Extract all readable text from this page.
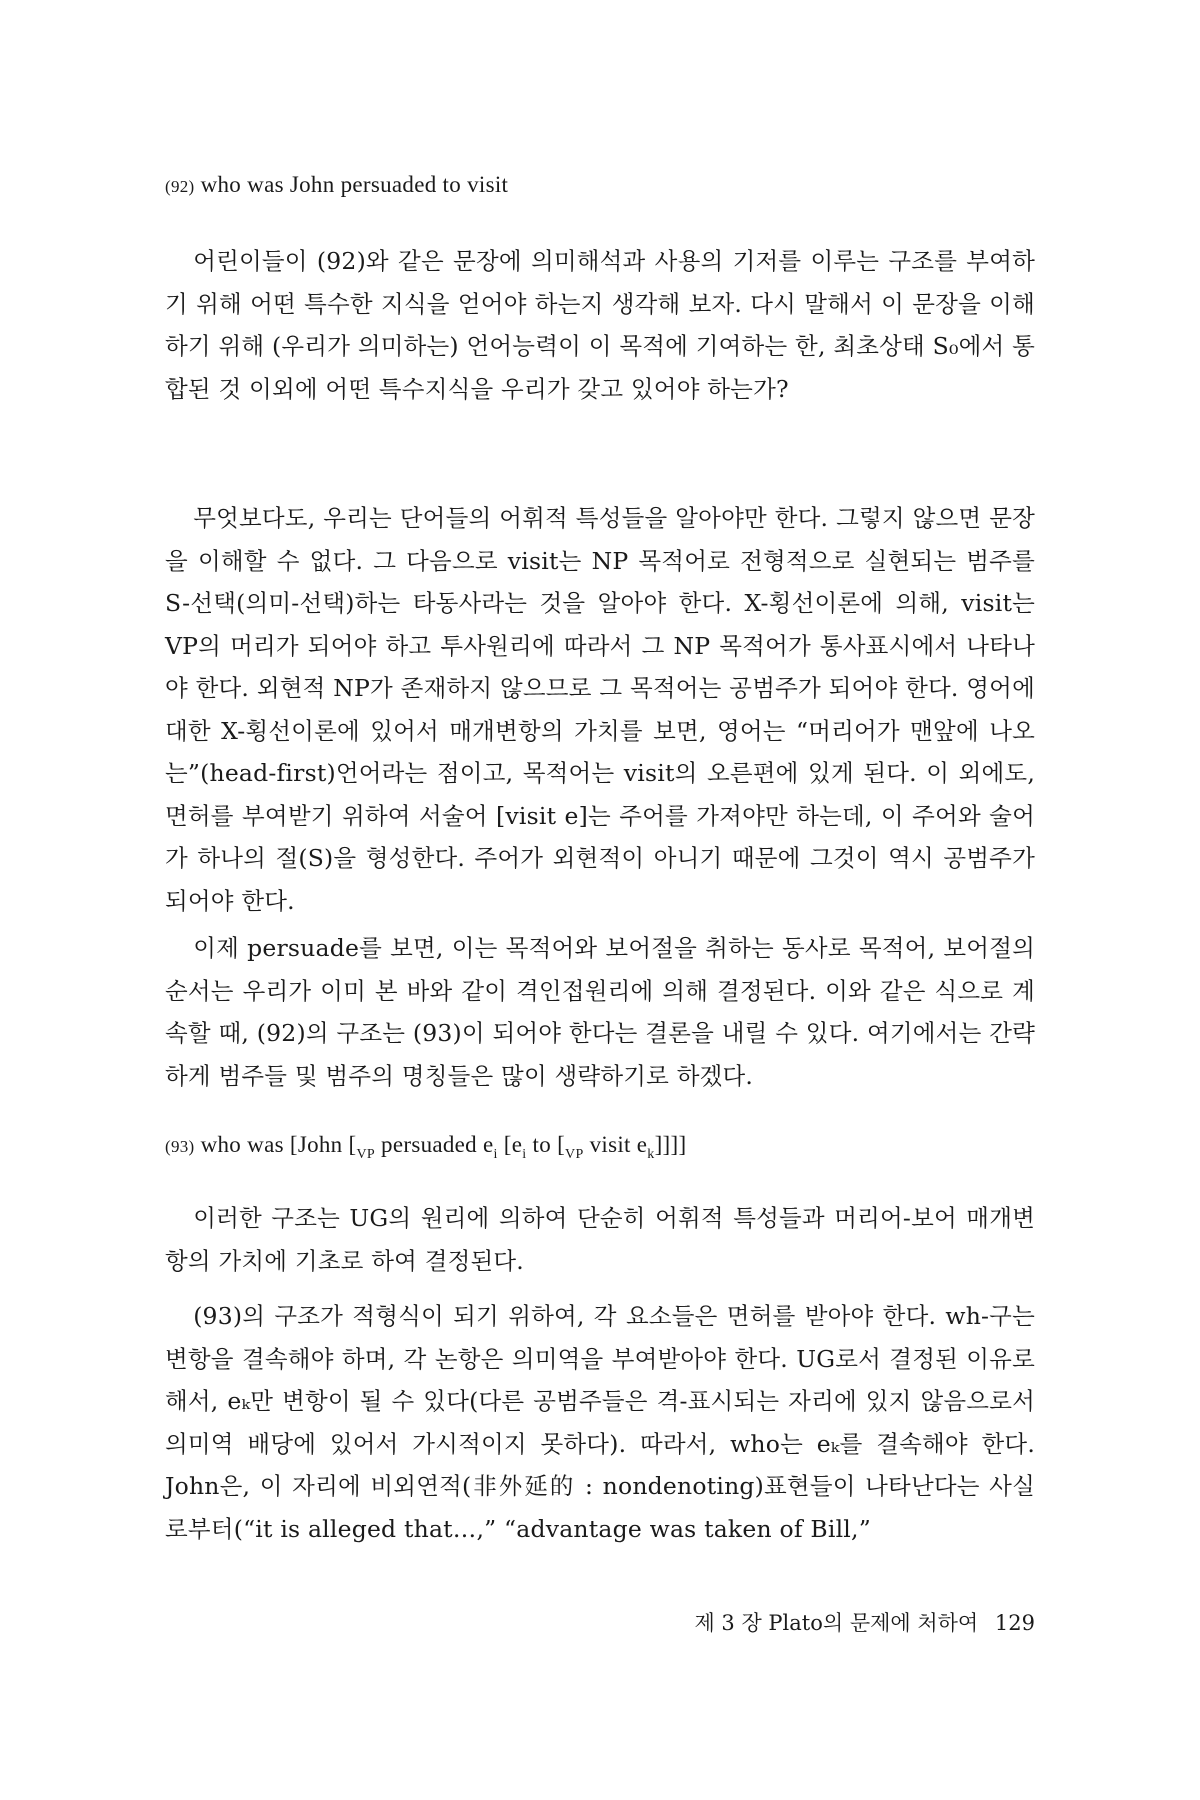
(92) who was John persuaded to visit

어린이들이 (92)와 같은 문장에 의미해석과 사용의 기저를 이루는 구조를 부여하기 위해 어떤 특수한 지식을 얻어야 하는지 생각해 보자. 다시 말해서 이 문장을 이해하기 위해 (우리가 의미하는) 언어능력이 이 목적에 기여하는 한, 최초상태 S₀에서 통합된 것 이외에 어떤 특수지식을 우리가 갖고 있어야 하는가?

무엇보다도, 우리는 단어들의 어휘적 특성들을 알아야만 한다. 그렇지 않으면 문장을 이해할 수 없다. 그 다음으로 visit는 NP 목적어로 전형적으로 실현되는 범주를 S-선택(의미-선택)하는 타동사라는 것을 알아야 한다. X-횡선이론에 의해, visit는 VP의 머리가 되어야 하고 투사원리에 따라서 그 NP 목적어가 통사표시에서 나타나야 한다. 외현적 NP가 존재하지 않으므로 그 목적어는 공범주가 되어야 한다. 영어에 대한 X-횡선이론에 있어서 매개변항의 가치를 보면, 영어는 “머리어가 맨앞에 나오는”(head-first)언어라는 점이고, 목적어는 visit의 오른편에 있게 된다. 이 외에도, 면허를 부여받기 위하여 서술어 [visit e]는 주어를 가져야만 하는데, 이 주어와 술어가 하나의 절(S)을 형성한다. 주어가 외현적이 아니기 때문에 그것이 역시 공범주가 되어야 한다.

이제 persuade를 보면, 이는 목적어와 보어절을 취하는 동사로 목적어, 보어절의 순서는 우리가 이미 본 바와 같이 격인접원리에 의해 결정된다. 이와 같은 식으로 계속할 때, (92)의 구조는 (93)이 되어야 한다는 결론을 내릴 수 있다. 여기에서는 간략하게 범주들 및 범주의 명칭들은 많이 생략하기로 하겠다.

(93) who was [John [$_{VP}$ persuaded $e_i$ [$e_i$ to [$_{VP}$ visit $e_k$]]]]

이러한 구조는 UG의 원리에 의하여 단순히 어휘적 특성들과 머리어-보어 매개변항의 가치에 기초로 하여 결정된다.

(93)의 구조가 적형식이 되기 위하여, 각 요소들은 면허를 받아야 한다. wh-구는 변항을 결속해야 하며, 각 논항은 의미역을 부여받아야 한다. UG로서 결정된 이유로해서, eₖ만 변항이 될 수 있다(다른 공범주들은 격-표시되는 자리에 있지 않음으로서 의미역 배당에 있어서 가시적이지 못하다). 따라서, who는 eₖ를 결속해야 한다. John은, 이 자리에 비외연적(非外延的 : nondenoting)표현들이 나타난다는 사실로부터(“it is alleged that…,” “advantage was taken of Bill,”

제 3 장 Plato의 문제에 처하여 129
